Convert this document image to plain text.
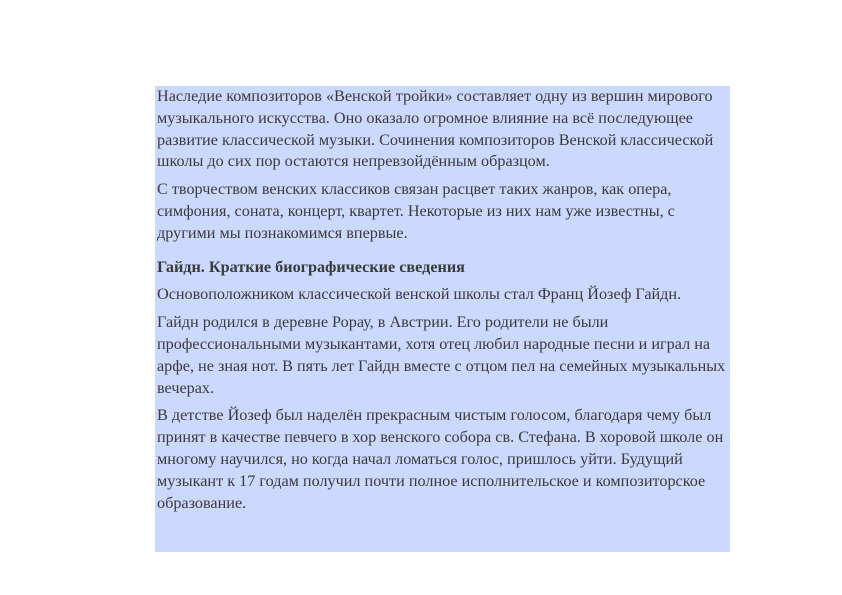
Наследие композиторов «Венской тройки» составляет одну из вершин мирового музыкального искусства. Оно оказало огромное влияние на всё последующее развитие классической музыки. Сочинения композиторов Венской классической школы до сих пор остаются непревзойдённым образцом.

С творчеством венских классиков связан расцвет таких жанров, как опера, симфония, соната, концерт, квартет. Некоторые из них нам уже известны, с другими мы познакомимся впервые.

Гайдн. Краткие биографические сведения

Основоположником классической венской школы стал Франц Йозеф Гайдн.

Гайдн родился в деревне Рорау, в Австрии. Его родители не были профессиональными музыкантами, хотя отец любил народные песни и играл на арфе, не зная нот. В пять лет Гайдн вместе с отцом пел на семейных музыкальных вечерах.

В детстве Йозеф был наделён прекрасным чистым голосом, благодаря чему был принят в качестве певчего в хор венского собора св. Стефана. В хоровой школе он многому научился, но когда начал ломаться голос, пришлось уйти. Будущий музыкант к 17 годам получил почти полное исполнительское и композиторское образование.
